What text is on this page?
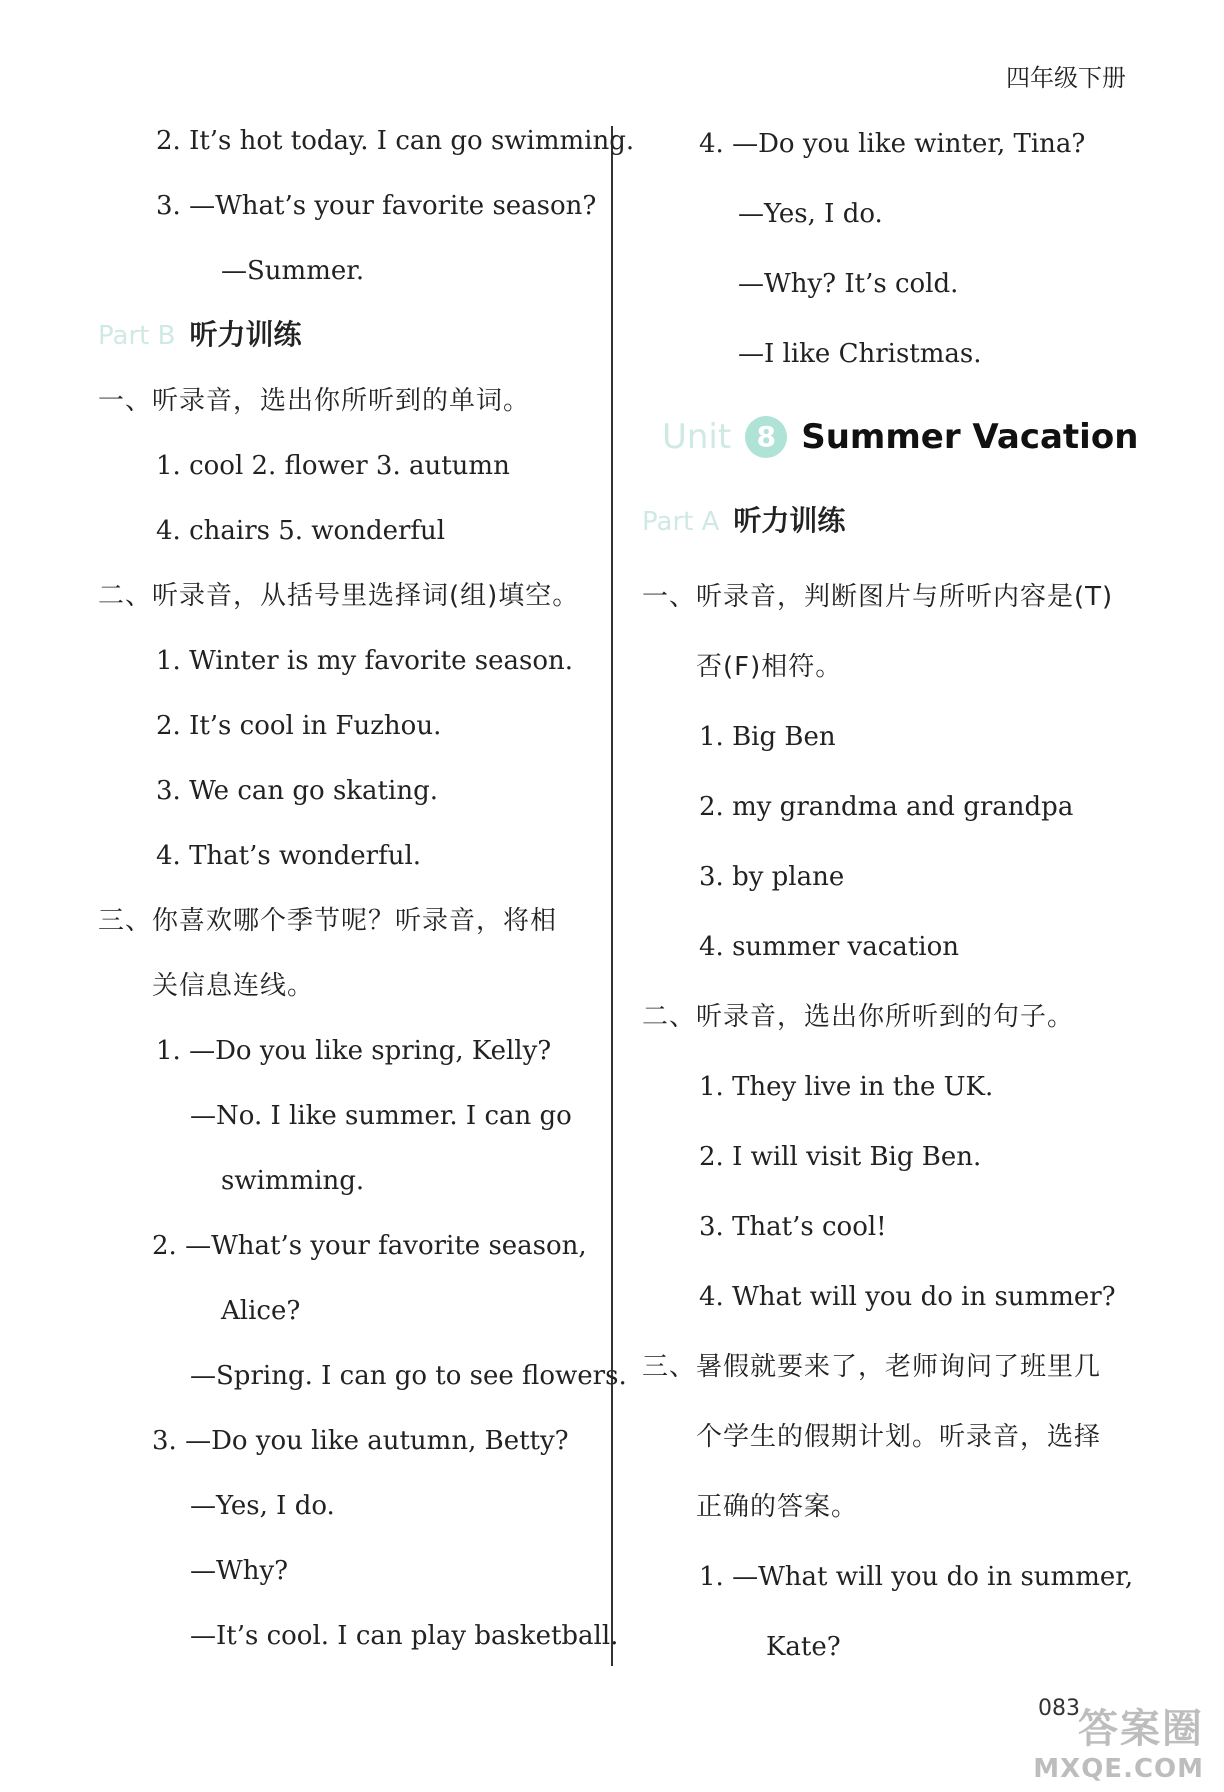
四年级下册
2. It’s hot today. I can go swimming.
3. —What’s your favorite season?
—Summer.
Part B 听力训练
一、听录音，选出你所听到的单词。
1. cool 2. flower 3. autumn
4. chairs 5. wonderful
二、听录音，从括号里选择词(组)填空。
1. Winter is my favorite season.
2. It’s cool in Fuzhou.
3. We can go skating.
4. That’s wonderful.
三、你喜欢哪个季节呢？听录音，将相
关信息连线。
1. —Do you like spring, Kelly?
—No. I like summer. I can go
swimming.
2. —What’s your favorite season,
Alice?
—Spring. I can go to see flowers.
3. —Do you like autumn, Betty?
—Yes, I do.
—Why?
—It’s cool. I can play basketball.
4. —Do you like winter, Tina?
—Yes, I do.
—Why? It’s cold.
—I like Christmas.
Unit 8 Summer Vacation
Part A 听力训练
一、听录音，判断图片与所听内容是(T)
否(F)相符。
1. Big Ben
2. my grandma and grandpa
3. by plane
4. summer vacation
二、听录音，选出你所听到的句子。
1. They live in the UK.
2. I will visit Big Ben.
3. That’s cool!
4. What will you do in summer?
三、暑假就要来了，老师询问了班里几
个学生的假期计划。听录音，选择
正确的答案。
1. —What will you do in summer,
Kate?
083
答案圈
MXQE.COM
